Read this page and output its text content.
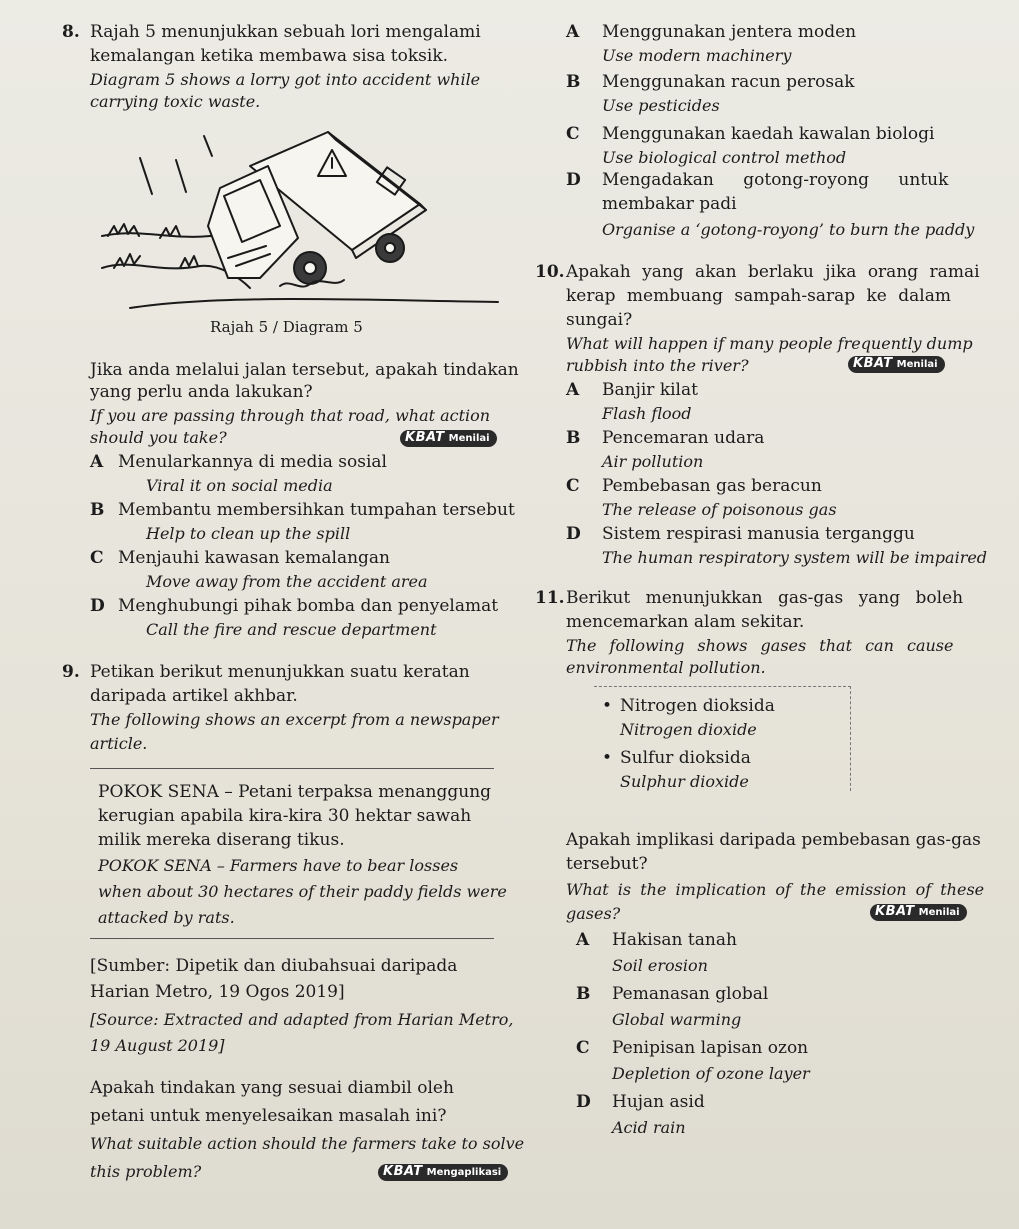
8. Rajah 5 menunjukkan sebuah lori mengalami
kemalangan ketika membawa sisa toksik.
Diagram 5 shows a lorry got into accident while
carrying toxic waste.
Rajah 5 / Diagram 5
Jika anda melalui jalan tersebut, apakah tindakan
yang perlu anda lakukan?
If you are passing through that road, what action
should you take?	KBAT Menilai
A Menularkannya di media sosial
Viral it on social media
B Membantu membersihkan tumpahan tersebut
Help to clean up the spill
C Menjauhi kawasan kemalangan
Move away from the accident area
D Menghubungi pihak bomba dan penyelamat
Call the fire and rescue department
9. Petikan berikut menunjukkan suatu keratan
daripada artikel akhbar.
The following shows an excerpt from a newspaper
article.
POKOK SENA – Petani terpaksa menanggung
kerugian apabila kira-kira 30 hektar sawah
milik mereka diserang tikus.
POKOK SENA – Farmers have to bear losses
when about 30 hectares of their paddy fields were
attacked by rats.
[Sumber: Dipetik dan diubahsuai daripada
Harian Metro, 19 Ogos 2019]
[Source: Extracted and adapted from Harian Metro,
19 August 2019]
Apakah tindakan yang sesuai diambil oleh
petani untuk menyelesaikan masalah ini?
What suitable action should the farmers take to solve
this problem?	KBAT Mengaplikasi
A Menggunakan jentera moden
Use modern machinery
B Menggunakan racun perosak
Use pesticides
C Menggunakan kaedah kawalan biologi
Use biological control method
D Mengadakan gotong-royong untuk
membakar padi
Organise a ‘gotong-royong’ to burn the paddy
10. Apakah yang akan berlaku jika orang ramai
kerap membuang sampah-sarap ke dalam
sungai?
What will happen if many people frequently dump
rubbish into the river?	KBAT Menilai
A Banjir kilat
Flash flood
B Pencemaran udara
Air pollution
C Pembebasan gas beracun
The release of poisonous gas
D Sistem respirasi manusia terganggu
The human respiratory system will be impaired
11. Berikut menunjukkan gas-gas yang boleh
mencemarkan alam sekitar.
The following shows gases that can cause
environmental pollution.
• Nitrogen dioksida
Nitrogen dioxide
• Sulfur dioksida
Sulphur dioxide
Apakah implikasi daripada pembebasan gas-gas
tersebut?
What is the implication of the emission of these
gases?	KBAT Menilai
A Hakisan tanah
Soil erosion
B Pemanasan global
Global warming
C Penipisan lapisan ozon
Depletion of ozone layer
D Hujan asid
Acid rain
